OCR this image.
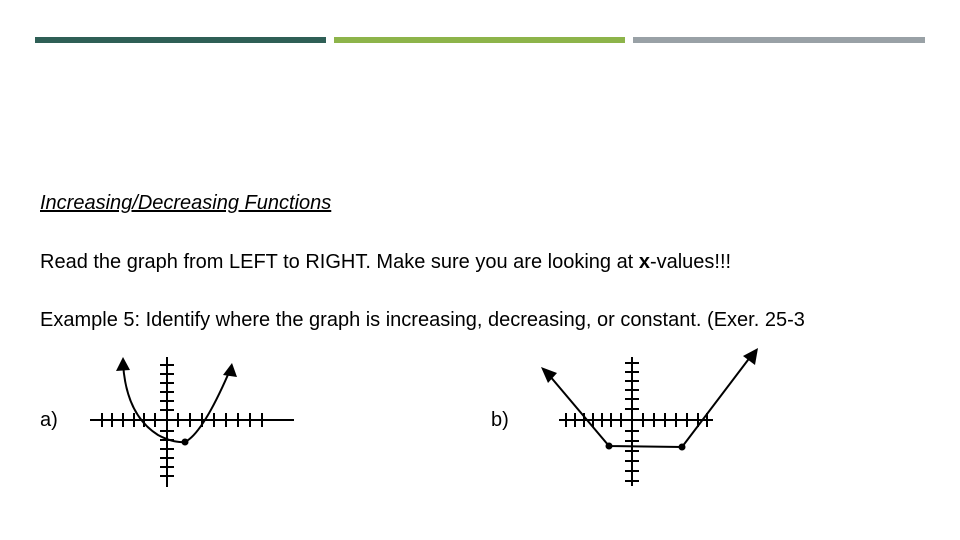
Increasing/Decreasing Functions
Read the graph from LEFT to RIGHT. Make sure you are looking at x-values!!!
Example 5: Identify where the graph is increasing, decreasing, or constant. (Exer. 25-3
a)	b)
